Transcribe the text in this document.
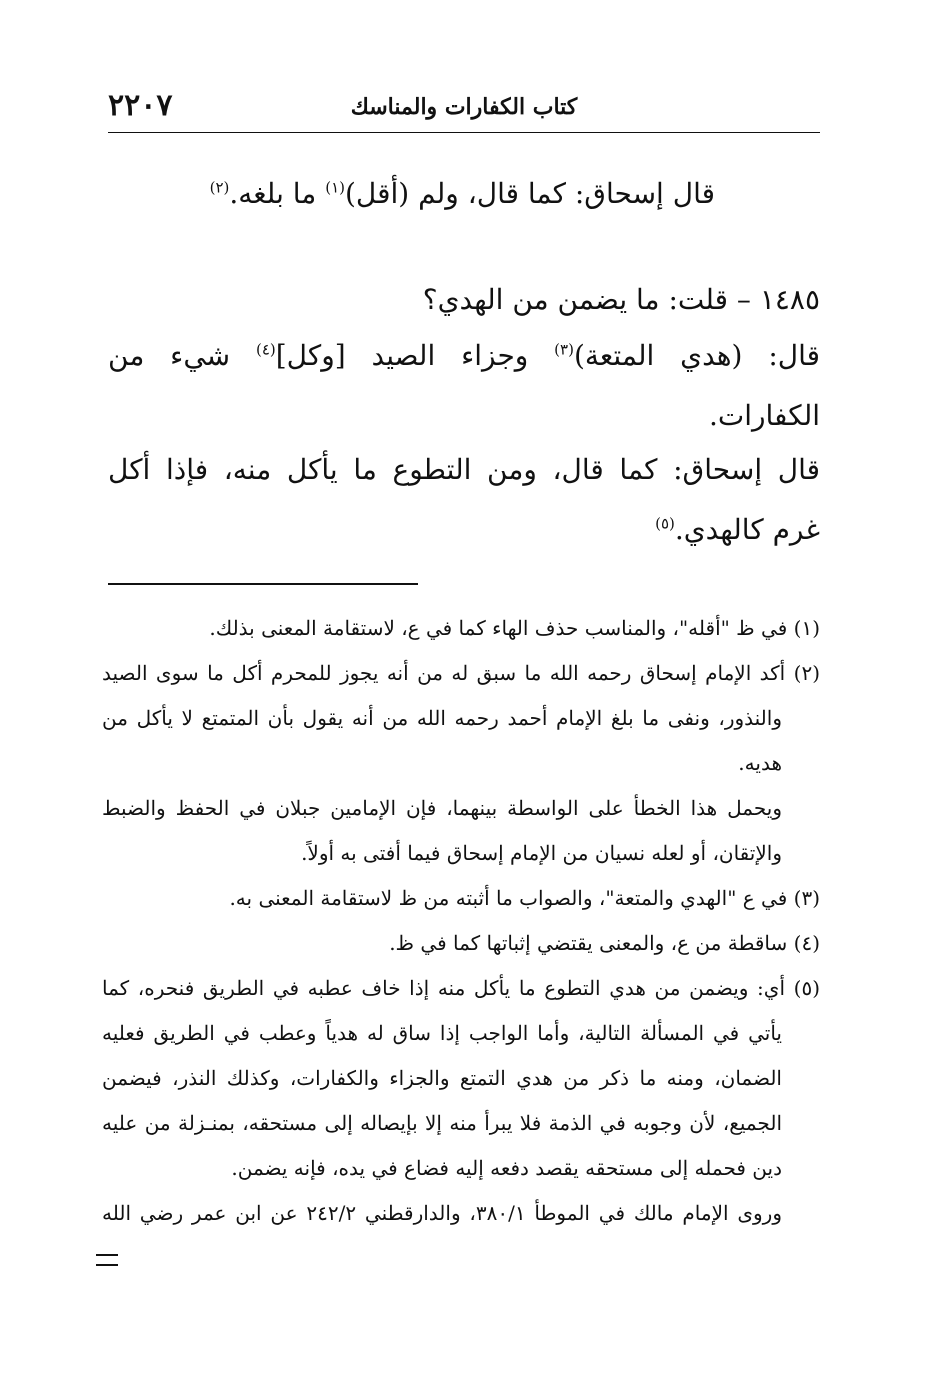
٢٢٠٧	كتاب الكفارات والمناسك
قال إسحاق: كما قال، ولم (أقل)$^{(١)}$ ما بلغه.$^{(٢)}$
١٤٨٥ – قلت: ما يضمن من الهدي؟
قال: (هدي المتعة)$^{(٣)}$ وجزاء الصيد [وكل]$^{(٤)}$ شيء من
الكفارات.
قال إسحاق: كما قال، ومن التطوع ما يأكل منه، فإذا أكل
غرم كالهدي.$^{(٥)}$
(١) في ظ "أقله"، والمناسب حذف الهاء كما في ع، لاستقامة المعنى بذلك.
(٢) أكد الإمام إسحاق رحمه الله ما سبق له من أنه يجوز للمحرم أكل ما سوى الصيد
والنذور، ونفى ما بلغ الإمام أحمد رحمه الله من أنه يقول بأن المتمتع لا يأكل من
هديه.
ويحمل هذا الخطأ على الواسطة بينهما، فإن الإمامين جبلان في الحفظ والضبط
والإتقان، أو لعله نسيان من الإمام إسحاق فيما أفتى به أولاً.
(٣) في ع "الهدي والمتعة"، والصواب ما أثبته من ظ لاستقامة المعنى به.
(٤) ساقطة من ع، والمعنى يقتضي إثباتها كما في ظ.
(٥) أي: ويضمن من هدي التطوع ما يأكل منه إذا خاف عطبه في الطريق فنحره، كما
يأتي في المسألة التالية، وأما الواجب إذا ساق له هدياً وعطب في الطريق فعليه
الضمان، ومنه ما ذكر من هدي التمتع والجزاء والكفارات، وكذلك النذر، فيضمن
الجميع، لأن وجوبه في الذمة فلا يبرأ منه إلا بإيصاله إلى مستحقه، بمنـزلة من عليه
دين فحمله إلى مستحقه يقصد دفعه إليه فضاع في يده، فإنه يضمن.
وروى الإمام مالك في الموطأ ٣٨٠/١، والدارقطني ٢٤٢/٢ عن ابن عمر رضي الله
